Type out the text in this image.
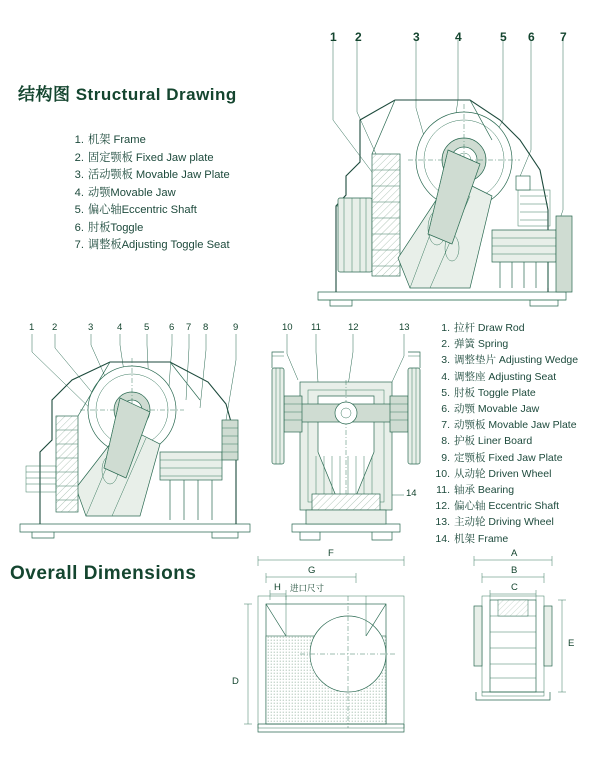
结构图 Structural Drawing
Overall Dimensions
1. 机架 Frame
2. 固定颚板 Fixed Jaw plate
3. 活动颚板 Movable Jaw Plate
4. 动颚Movable Jaw
5. 偏心轴Eccentric Shaft
6. 肘板Toggle
7. 调整板Adjusting Toggle Seat
1. 拉杆 Draw Rod
2. 弹簧 Spring
3. 调整垫片 Adjusting Wedge
4. 调整座 Adjusting Seat
5. 肘板 Toggle Plate
6. 动颚 Movable Jaw
7. 动颚板 Movable Jaw Plate
8. 护板 Liner Board
9. 定颚板 Fixed Jaw Plate
10. 从动轮 Driven Wheel
11. 轴承 Bearing
12. 偏心轴 Eccentric Shaft
13. 主动轮 Driving Wheel
14. 机架 Frame
1 2	3	4	5 6 7
1 2	3 4 5 6 7 8	9	10 11	12	13
14
F
G
H 进口尺寸
D
A
B
C
E
